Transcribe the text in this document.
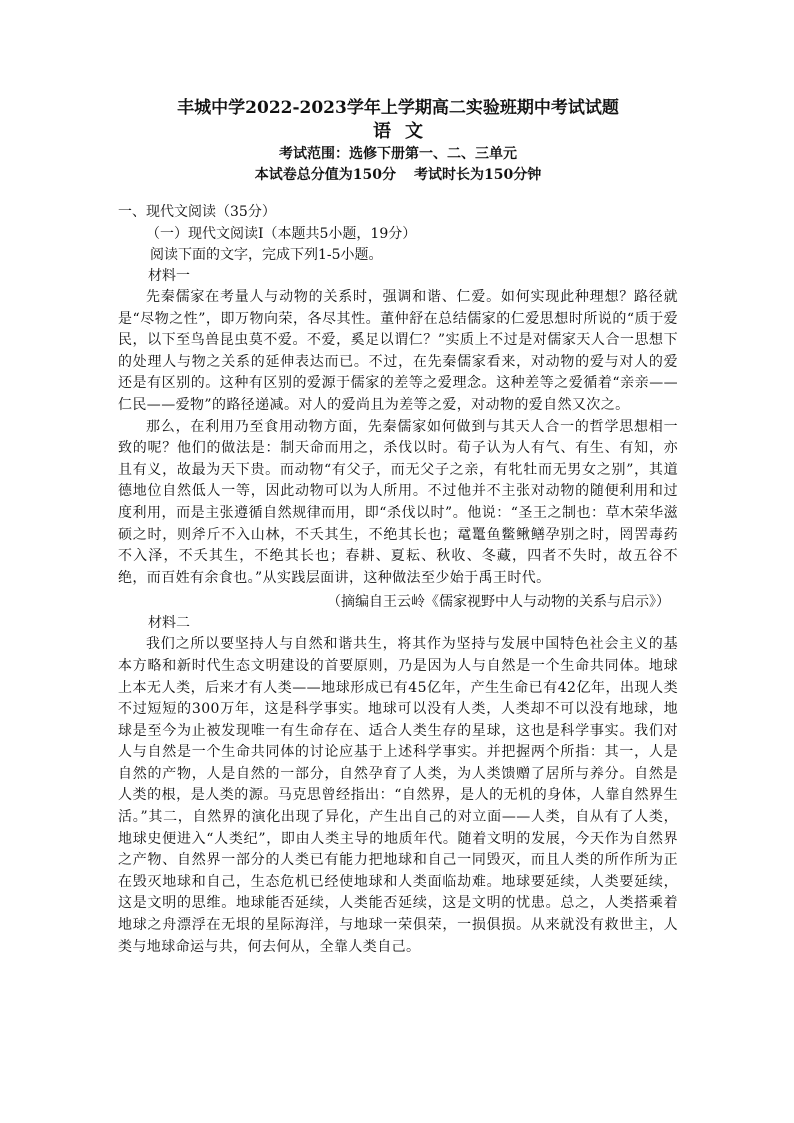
丰城中学2022-2023学年上学期高二实验班期中考试试题

语文

考试范围：选修下册第一、二、三单元

本试卷总分值为150分 考试时长为150分钟

一、现代文阅读（35分）

（一）现代文阅读Ⅰ（本题共5小题，19分）

阅读下面的文字，完成下列1-5小题。

材料一

先秦儒家在考量人与动物的关系时，强调和谐、仁爱。如何实现此种理想？路径就是“尽物之性”，即万物向荣，各尽其性。董仲舒在总结儒家的仁爱思想时所说的“质于爱民，以下至鸟兽昆虫莫不爱。不爱，奚足以谓仁？”实质上不过是对儒家天人合一思想下的处理人与物之关系的延伸表达而已。不过，在先秦儒家看来，对动物的爱与对人的爱还是有区别的。这种有区别的爱源于儒家的差等之爱理念。这种差等之爱循着“亲亲——仁民——爱物”的路径递减。对人的爱尚且为差等之爱，对动物的爱自然又次之。

那么，在利用乃至食用动物方面，先秦儒家如何做到与其天人合一的哲学思想相一致的呢？他们的做法是：制天命而用之，杀伐以时。荀子认为人有气、有生、有知，亦且有义，故最为天下贵。而动物“有父子，而无父子之亲，有牝牡而无男女之别”，其道德地位自然低人一等，因此动物可以为人所用。不过他并不主张对动物的随便利用和过度利用，而是主张遵循自然规律而用，即“杀伐以时”。他说：“圣王之制也：草木荣华滋硕之时，则斧斤不入山林，不夭其生，不绝其长也；鼋鼍鱼鳖鳅鳝孕别之时，罔罟毒药不入泽，不夭其生，不绝其长也；春耕、夏耘、秋收、冬藏，四者不失时，故五谷不绝，而百姓有余食也。”从实践层面讲，这种做法至少始于禹王时代。

（摘编自王云岭《儒家视野中人与动物的关系与启示》）

材料二

我们之所以要坚持人与自然和谐共生，将其作为坚持与发展中国特色社会主义的基本方略和新时代生态文明建设的首要原则，乃是因为人与自然是一个生命共同体。地球上本无人类，后来才有人类——地球形成已有45亿年，产生生命已有42亿年，出现人类不过短短的300万年，这是科学事实。地球可以没有人类，人类却不可以没有地球，地球是至今为止被发现唯一有生命存在、适合人类生存的星球，这也是科学事实。我们对人与自然是一个生命共同体的讨论应基于上述科学事实。并把握两个所指：其一，人是自然的产物，人是自然的一部分，自然孕育了人类，为人类馈赠了居所与养分。自然是人类的根，是人类的源。马克思曾经指出：“自然界，是人的无机的身体，人靠自然界生活。”其二，自然界的演化出现了异化，产生出自己的对立面——人类，自从有了人类，地球史便进入“人类纪”，即由人类主导的地质年代。随着文明的发展，今天作为自然界之产物、自然界一部分的人类已有能力把地球和自己一同毁灭，而且人类的所作所为正在毁灭地球和自己，生态危机已经使地球和人类面临劫难。地球要延续，人类要延续，这是文明的思维。地球能否延续，人类能否延续，这是文明的忧患。总之，人类搭乘着地球之舟漂浮在无垠的星际海洋，与地球一荣俱荣，一损俱损。从来就没有救世主，人类与地球命运与共，何去何从，全靠人类自己。
